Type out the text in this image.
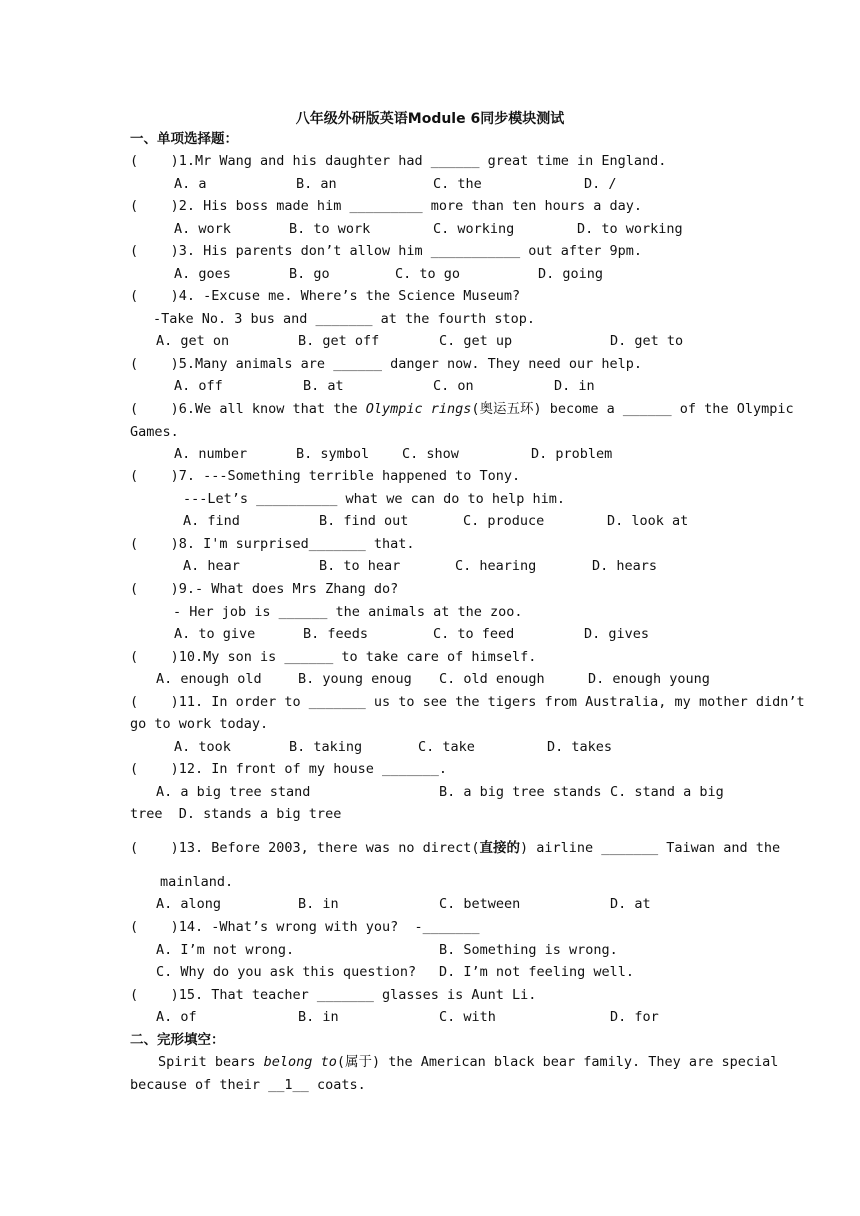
八年级外研版英语Module 6同步模块测试
一、单项选择题：
(    )1.Mr Wang and his daughter had ______ great time in England.
A. a	B. an	C. the	D. /
(    )2. His boss made him _________ more than ten hours a day.
A. work	B. to work	C. working	D. to working
(    )3. His parents don’t allow him ___________ out after 9pm.
A. goes	B. go	C. to go	D. going
(    )4. -Excuse me. Where’s the Science Museum?
-Take No. 3 bus and _______ at the fourth stop.
A. get on	B. get off	C. get up	D. get to
(    )5.Many animals are ______ danger now. They need our help.
A. off	B. at	C. on	D. in
(    )6.We all know that the Olympic rings(奥运五环) become a ______ of the Olympic
Games.
A. number	B. symbol C. show	D. problem
(    )7. ---Something terrible happened to Tony.
---Let’s __________ what we can do to help him.
A. find	B. find out	C. produce	D. look at
(    )8. I'm surprised_______ that.
A. hear	B. to hear	C. hearing	D. hears
(    )9.- What does Mrs Zhang do?
- Her job is ______ the animals at the zoo.
A. to give	B. feeds	C. to feed	D. gives
(    )10.My son is ______ to take care of himself.
A. enough old	B. young enoug C. old enough	D. enough young
(    )11. In order to _______ us to see the tigers from Australia, my mother didn’t
go to work today.
A. took	B. taking	C. take	D. takes
(    )12. In front of my house _______.
A. a big tree stand	B. a big tree stands C. stand a big
tree  D. stands a big tree
(    )13. Before 2003, there was no direct(直接的) airline _______ Taiwan and the
mainland.
A. along	B. in	C. between	D. at
(    )14. -What’s wrong with you?  -_______
A. I’m not wrong.	B. Something is wrong.
C. Why do you ask this question? D. I’m not feeling well.
(    )15. That teacher _______ glasses is Aunt Li.
A. of	B. in	C. with	D. for
二、完形填空：
Spirit bears belong to(属于) the American black bear family. They are special
because of their __1__ coats.
